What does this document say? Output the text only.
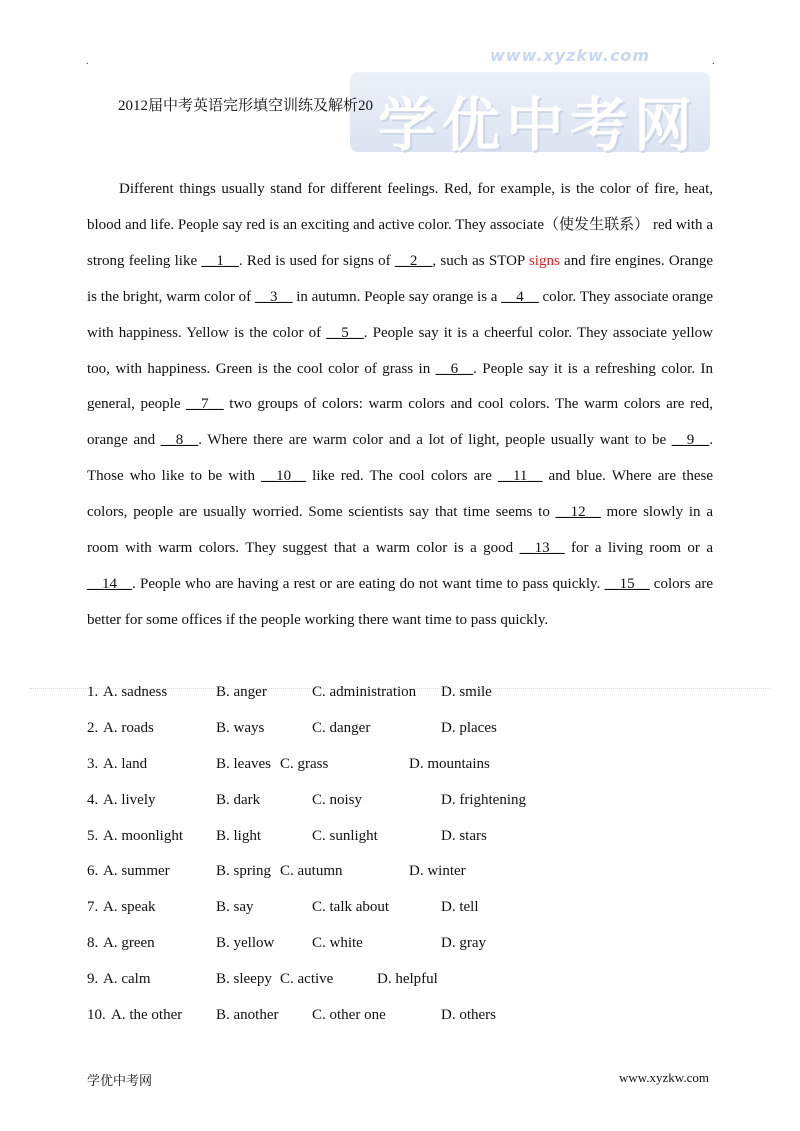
.	.
www.xyzkw.com
学优中考网
2012届中考英语完形填空训练及解析20

Different things usually stand for different feelings. Red, for example, is the color of fire, heat, blood and life. People say red is an exciting and active color. They associate（使发生联系） red with a strong feeling like __1__. Red is used for signs of __2__, such as STOP signs and fire engines. Orange is the bright, warm color of __3__ in autumn. People say orange is a __4__ color. They associate orange with happiness. Yellow is the color of __5__. People say it is a cheerful color. They associate yellow too, with happiness. Green is the cool color of grass in __6__. People say it is a refreshing color. In general, people __7__ two groups of colors: warm colors and cool colors. The warm colors are red, orange and __8__. Where there are warm color and a lot of light, people usually want to be __9__. Those who like to be with __10__ like red. The cool colors are __11__ and blue. Where are these colors, people are usually worried. Some scientists say that time seems to __12__ more slowly in a room with warm colors. They suggest that a warm color is a good __13__ for a living room or a __14__. People who are having a rest or are eating do not want time to pass quickly. __15__ colors are better for some offices if the people working there want time to pass quickly.

1. A. sadness	B. anger	C. administration D. smile
2. A. roads	B. ways	C. danger	D. places
3. A. land	B. leaves C. grass	D. mountains
4. A. lively	B. dark	C. noisy	D. frightening
5. A. moonlight B. light	C. sunlight	D. stars
6. A. summer	B. spring C. autumn	D. winter
7. A. speak	B. say	C. talk about	D. tell
8. A. green	B. yellow	C. white	D. gray
9. A. calm	B. sleepy C. active	D. helpful
10. A. the other B. another C. other one	D. others
学优中考网	www.xyzkw.com
